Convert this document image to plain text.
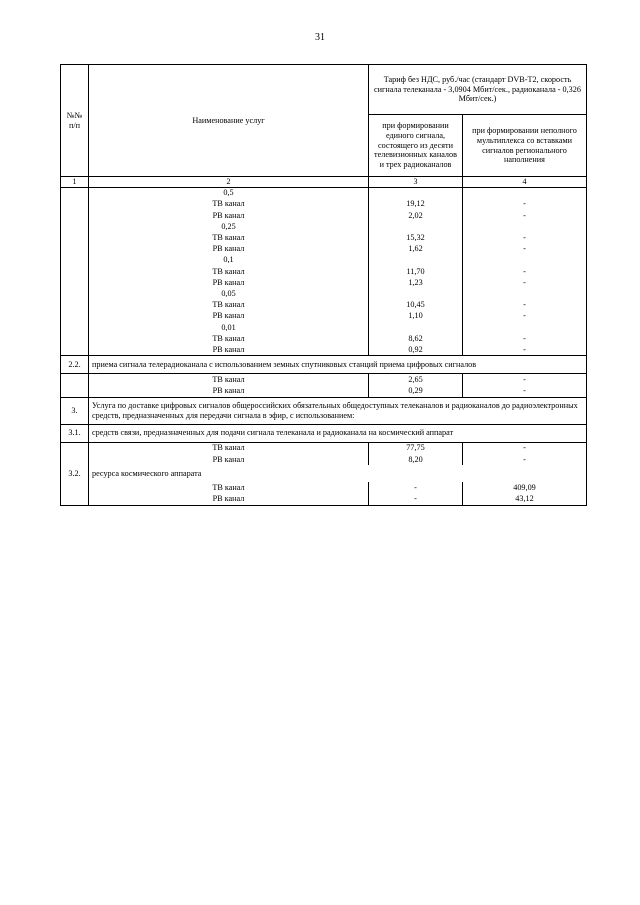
31
№№ п/п	Наименование услуг	Тариф без НДС, руб./час (стандарт DVB-T2, скорость сигнала телеканала - 3,0904 Мбит/сек., радиоканала - 0,326 Мбит/сек.)	
		при формировании единого сигнала, состоящего из десяти телевизионных каналов и трех радиоканалов	при формировании неполного мультиплекса со вставками сигналов регионального наполнения
1	2	3	4
	0,5		
	ТВ канал	19,12	-
	РВ канал	2,02	-
	0,25		
	ТВ канал	15,32	-
	РВ канал	1,62	-
	0,1		
	ТВ канал	11,70	-
	РВ канал	1,23	-
	0,05		
	ТВ канал	10,45	-
	РВ канал	1,10	-
	0,01		
	ТВ канал	8,62	-
	РВ канал	0,92	-
2.2.	приема сигнала телерадиоканала с использованием земных спутниковых станций приема цифровых сигналов		
	ТВ канал	2,65	-
	РВ канал	0,29	-
3.	Услуга по доставке цифровых сигналов общероссийских обязательных общедоступных телеканалов и радиоканалов до радиоэлектронных средств, предназначенных для передачи сигнала в эфир, с использованием:		
3.1.	средств связи, предназначенных для подачи сигнала телеканала и радиоканала на космический аппарат		
	ТВ канал	77,75	-
	РВ канал	8,20	-
3.2.	ресурса космического аппарата		
	ТВ канал	-	409,09
	РВ канал	-	43,12
